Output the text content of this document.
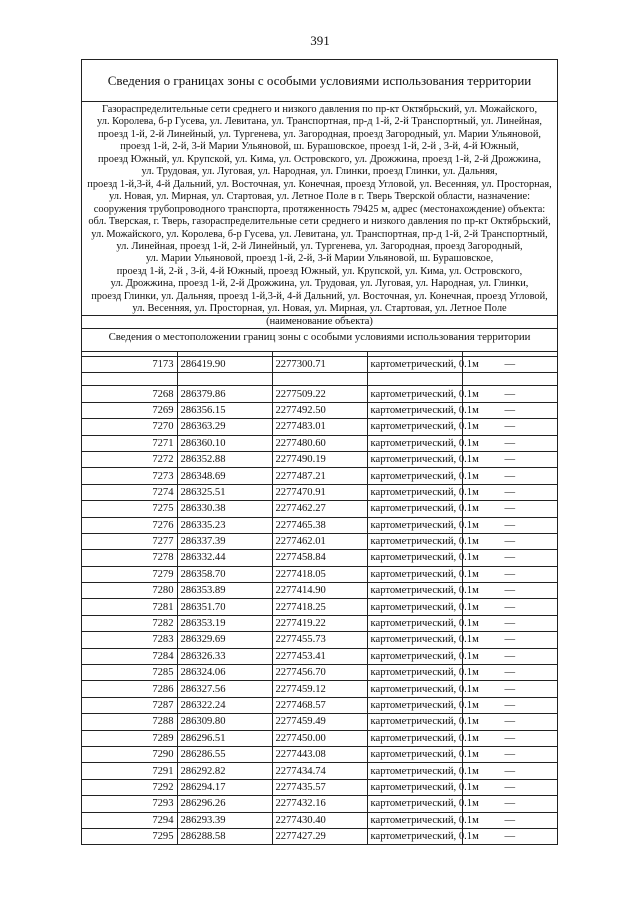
391
Сведения о границах зоны с особыми условиями использования территории
Газораспределительные сети среднего и низкого давления по пр-кт Октябрьский, ул. Можайского,
ул. Королева, б-р Гусева, ул. Левитана, ул. Транспортная, пр-д 1-й, 2-й Транспортный, ул. Линейная,
проезд 1-й, 2-й Линейный, ул. Тургенева, ул. Загородная, проезд Загородный, ул. Марии Ульяновой,
проезд 1-й, 2-й, 3-й Марии Ульяновой, ш. Бурашовское, проезд 1-й, 2-й , 3-й, 4-й Южный,
проезд Южный, ул. Крупской, ул. Кима, ул. Островского, ул. Дрожжина, проезд 1-й, 2-й Дрожжина,
ул. Трудовая, ул. Луговая, ул. Народная, ул. Глинки, проезд Глинки, ул. Дальняя,
проезд 1-й,3-й, 4-й Дальний, ул. Восточная, ул. Конечная, проезд Угловой, ул. Весенняя, ул. Просторная,
ул. Новая, ул. Мирная, ул. Стартовая, ул. Летное Поле в г. Тверь Тверской области, назначение:
сооружения трубопроводного транспорта, протяженность 79425 м, адрес (местонахождение) объекта:
обл. Тверская, г. Тверь, газораспределительные сети среднего и низкого давления по пр-кт Октябрьский,
ул. Можайского, ул. Королева, б-р Гусева, ул. Левитана, ул. Транспортная, пр-д 1-й, 2-й Транспортный,
ул. Линейная, проезд 1-й, 2-й Линейный, ул. Тургенева, ул. Загородная, проезд Загородный,
ул. Марии Ульяновой, проезд 1-й, 2-й, 3-й Марии Ульяновой, ш. Бурашовское,
проезд 1-й, 2-й , 3-й, 4-й Южный, проезд Южный, ул. Крупской, ул. Кима, ул. Островского,
ул. Дрожжина, проезд 1-й, 2-й Дрожжина, ул. Трудовая, ул. Луговая, ул. Народная, ул. Глинки,
проезд Глинки, ул. Дальняя, проезд 1-й,3-й, 4-й Дальний, ул. Восточная, ул. Конечная, проезд Угловой,
ул. Весенняя, ул. Просторная, ул. Новая, ул. Мирная, ул. Стартовая, ул. Летное Поле
(наименование объекта)
Сведения о местоположении границ зоны с особыми условиями использования территории

7173	286419.90	2277300.71	картометрический, 0.1м	—

7268	286379.86	2277509.22	картометрический, 0.1м	—
7269	286356.15	2277492.50	картометрический, 0.1м	—
7270	286363.29	2277483.01	картометрический, 0.1м	—
7271	286360.10	2277480.60	картометрический, 0.1м	—
7272	286352.88	2277490.19	картометрический, 0.1м	—
7273	286348.69	2277487.21	картометрический, 0.1м	—
7274	286325.51	2277470.91	картометрический, 0.1м	—
7275	286330.38	2277462.27	картометрический, 0.1м	—
7276	286335.23	2277465.38	картометрический, 0.1м	—
7277	286337.39	2277462.01	картометрический, 0.1м	—
7278	286332.44	2277458.84	картометрический, 0.1м	—
7279	286358.70	2277418.05	картометрический, 0.1м	—
7280	286353.89	2277414.90	картометрический, 0.1м	—
7281	286351.70	2277418.25	картометрический, 0.1м	—
7282	286353.19	2277419.22	картометрический, 0.1м	—
7283	286329.69	2277455.73	картометрический, 0.1м	—
7284	286326.33	2277453.41	картометрический, 0.1м	—
7285	286324.06	2277456.70	картометрический, 0.1м	—
7286	286327.56	2277459.12	картометрический, 0.1м	—
7287	286322.24	2277468.57	картометрический, 0.1м	—
7288	286309.80	2277459.49	картометрический, 0.1м	—
7289	286296.51	2277450.00	картометрический, 0.1м	—
7290	286286.55	2277443.08	картометрический, 0.1м	—
7291	286292.82	2277434.74	картометрический, 0.1м	—
7292	286294.17	2277435.57	картометрический, 0.1м	—
7293	286296.26	2277432.16	картометрический, 0.1м	—
7294	286293.39	2277430.40	картометрический, 0.1м	—
7295	286288.58	2277427.29	картометрический, 0.1м	—
